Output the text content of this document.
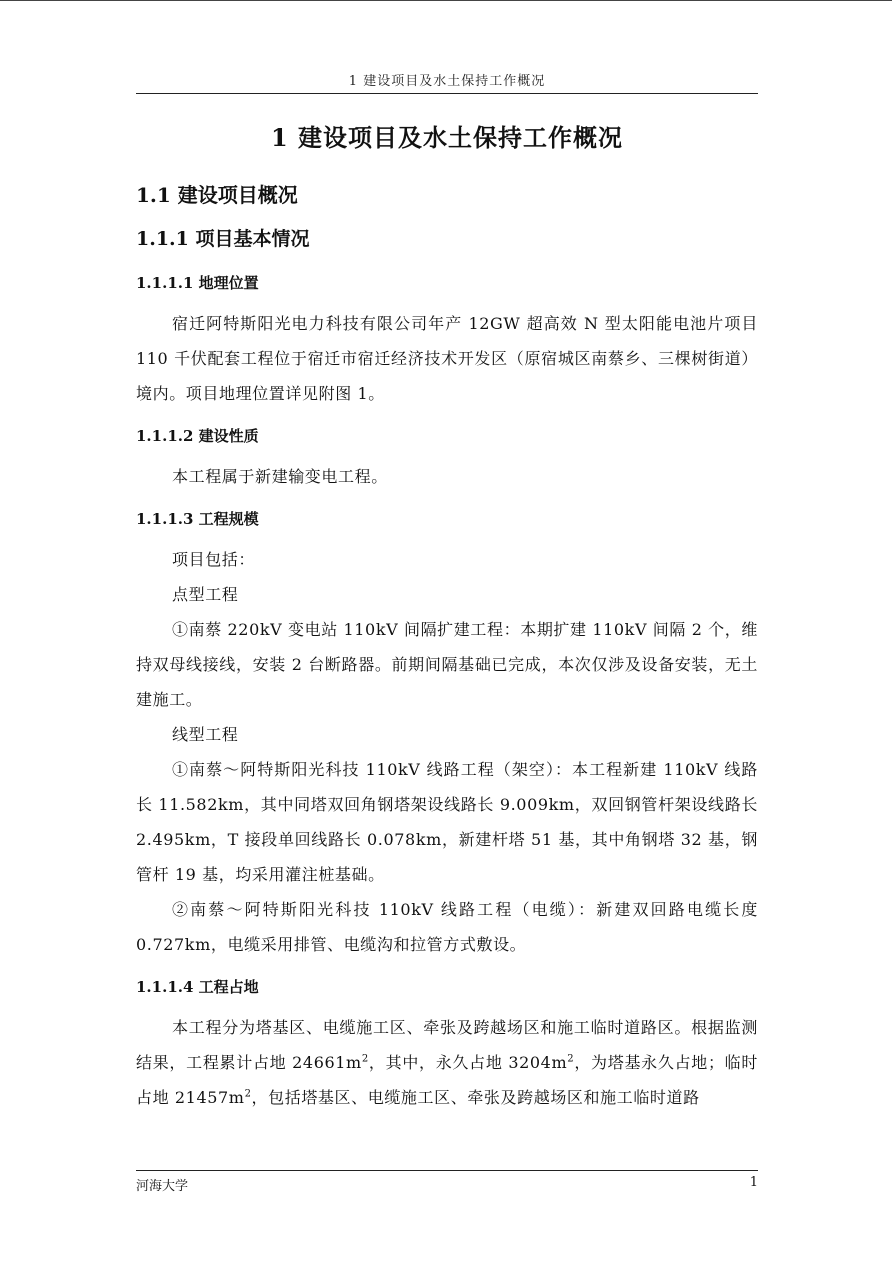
1 建设项目及水土保持工作概况
1 建设项目及水土保持工作概况
1.1 建设项目概况
1.1.1 项目基本情况
1.1.1.1 地理位置

宿迁阿特斯阳光电力科技有限公司年产 12GW 超高效 N 型太阳能电池片项目 110 千伏配套工程位于宿迁市宿迁经济技术开发区（原宿城区南蔡乡、三棵树街道）境内。项目地理位置详见附图 1。

1.1.1.2 建设性质

本工程属于新建输变电工程。

1.1.1.3 工程规模

项目包括：

点型工程

①南蔡 220kV 变电站 110kV 间隔扩建工程：本期扩建 110kV 间隔 2 个，维持双母线接线，安装 2 台断路器。前期间隔基础已完成，本次仅涉及设备安装，无土建施工。

线型工程

①南蔡～阿特斯阳光科技 110kV 线路工程（架空）：本工程新建 110kV 线路长 11.582km，其中同塔双回角钢塔架设线路长 9.009km，双回钢管杆架设线路长 2.495km，T 接段单回线路长 0.078km，新建杆塔 51 基，其中角钢塔 32 基，钢管杆 19 基，均采用灌注桩基础。

②南蔡～阿特斯阳光科技 110kV 线路工程（电缆）：新建双回路电缆长度 0.727km，电缆采用排管、电缆沟和拉管方式敷设。

1.1.1.4 工程占地

本工程分为塔基区、电缆施工区、牵张及跨越场区和施工临时道路区。根据监测结果，工程累计占地 $24661m^2$，其中，永久占地 $3204m^2$，为塔基永久占地；临时占地 $21457m^2$，包括塔基区、电缆施工区、牵张及跨越场区和施工临时道路

河海大学	1
